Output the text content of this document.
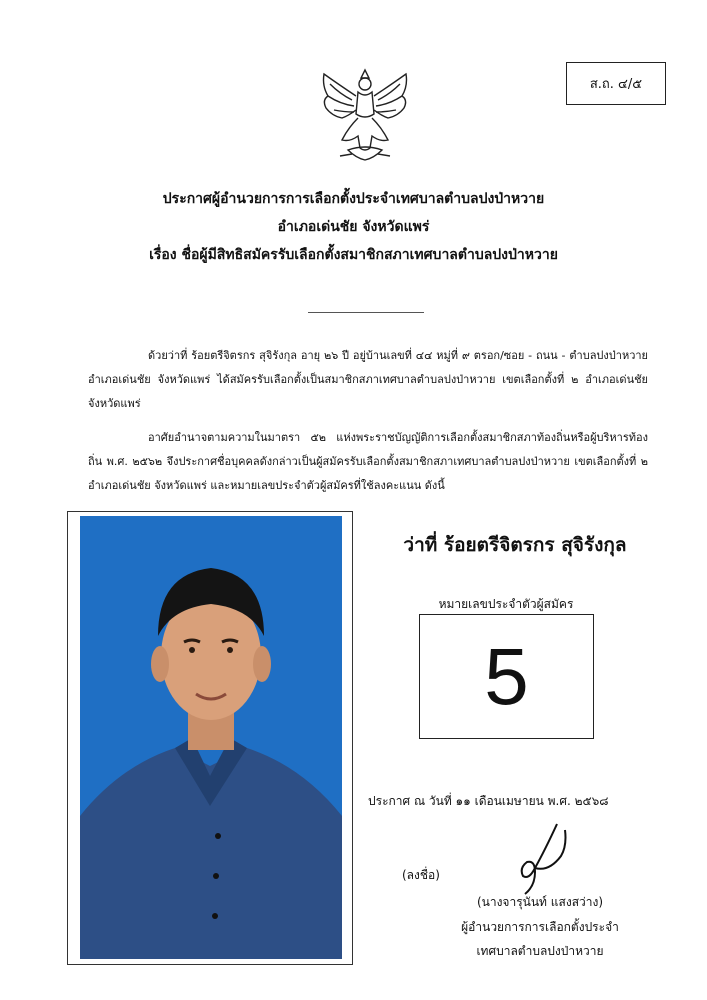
ส.ถ. ๔/๕
ประกาศผู้อำนวยการการเลือกตั้งประจำเทศบาลตำบลปงป่าหวาย
อำเภอเด่นชัย จังหวัดแพร่
เรื่อง ชื่อผู้มีสิทธิสมัครรับเลือกตั้งสมาชิกสภาเทศบาลตำบลปงป่าหวาย
ด้วยว่าที่ ร้อยตรีจิตรกร สุจิรังกุล อายุ ๒๖ ปี อยู่บ้านเลขที่ ๔๔ หมู่ที่ ๙ ตรอก/ซอย - ถนน - ตำบลปงป่าหวาย อำเภอเด่นชัย จังหวัดแพร่ ได้สมัครรับเลือกตั้งเป็นสมาชิกสภาเทศบาลตำบลปงป่าหวาย เขตเลือกตั้งที่ ๒ อำเภอเด่นชัย จังหวัดแพร่
อาศัยอำนาจตามความในมาตรา ๕๒ แห่งพระราชบัญญัติการเลือกตั้งสมาชิกสภาท้องถิ่นหรือผู้บริหารท้องถิ่น พ.ศ. ๒๕๖๒ จึงประกาศชื่อบุคคลดังกล่าวเป็นผู้สมัครรับเลือกตั้งสมาชิกสภาเทศบาลตำบลปงป่าหวาย เขตเลือกตั้งที่ ๒ อำเภอเด่นชัย จังหวัดแพร่ และหมายเลขประจำตัวผู้สมัครที่ใช้ลงคะแนน ดังนี้
ว่าที่ ร้อยตรีจิตรกร สุจิรังกุล
หมายเลขประจำตัวผู้สมัคร
5
ประกาศ ณ วันที่ ๑๑ เดือนเมษายน พ.ศ. ๒๕๖๘
(ลงชื่อ)
(นางจารุนันท์ แสงสว่าง)
ผู้อำนวยการการเลือกตั้งประจำ
เทศบาลตำบลปงป่าหวาย
